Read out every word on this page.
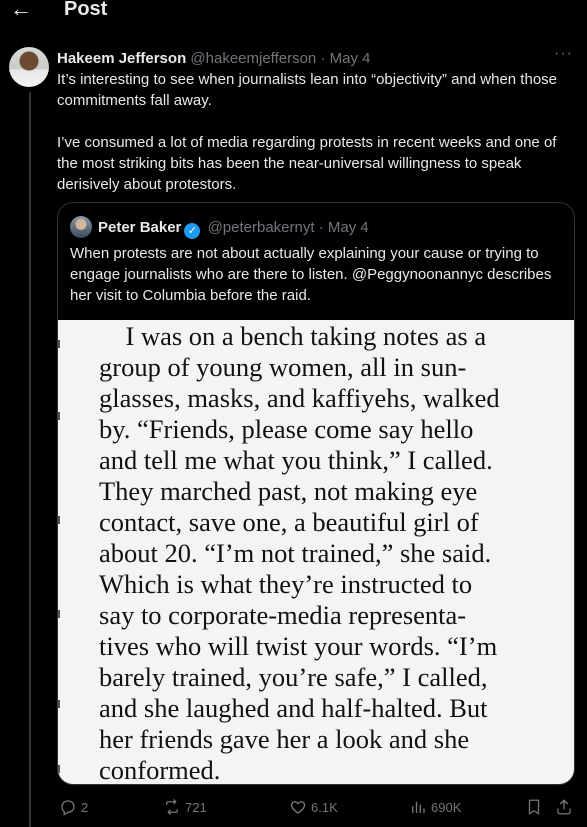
← Post
Hakeem Jefferson @hakeemjefferson · May 4	···

It’s interesting to see when journalists lean into “objectivity” and when those commitments fall away.

I’ve consumed a lot of media regarding protests in recent weeks and one of the most striking bits has been the near-universal willingness to speak derisively about protestors.

Peter Baker ✓ @peterbakernyt · May 4
When protests are not about actually explaining your cause or trying to engage journalists who are there to listen. @Peggynoonannyc describes her visit to Columbia before the raid.
I was on a bench taking notes as a
group of young women, all in sun-
glasses, masks, and kaffiyehs, walked
by. “Friends, please come say hello
and tell me what you think,” I called.
They marched past, not making eye
contact, save one, a beautiful girl of
about 20. “I’m not trained,” she said.
Which is what they’re instructed to
say to corporate-media representa-
tives who will twist your words. “I’m
barely trained, you’re safe,” I called,
and she laughed and half-halted. But
her friends gave her a look and she
conformed.
2	721	6.1K	690K
